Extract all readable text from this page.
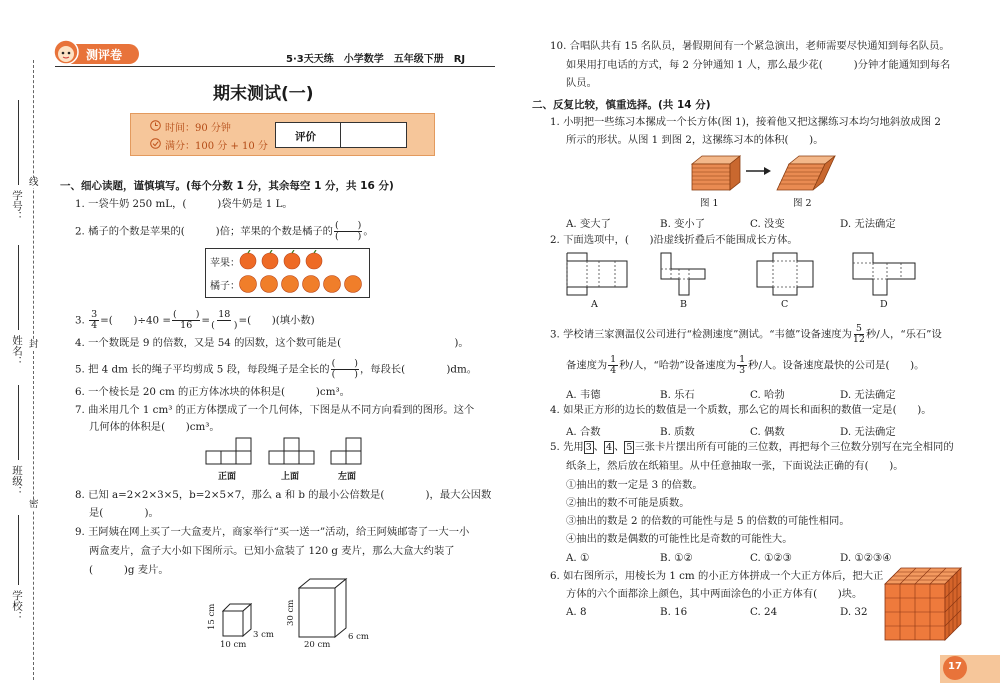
学号：
姓名：
班级：
学校：
线
封
密
测评卷	5·3天天练　小学数学　五年级下册　RJ
期末测试(一)
时间：90 分钟
满分：100 分 + 10 分
评价
一、细心读题，谨慎填写。(每个分数 1 分，其余每空 1 分，共 16 分)
1. 一袋牛奶 250 mL，(　　　)袋牛奶是 1 L。
2. 橘子的个数是苹果的(　　　)倍；苹果的个数是橘子的 $\frac{( )}{( )}$ 。
苹果：
橘子：
3. $\frac{3}{4}$ =(　　)$\div 40 = \frac{( )}{16} = \frac{18}{( )}$ =(　　)(填小数)
4. 一个数既是 9 的倍数，又是 54 的因数，这个数可能是(　　　　　　　　　　　)。
5. 把 4 dm 长的绳子平均剪成 5 段，每段绳子是全长的 $\frac{( )}{( )}$ ，每段长(　　　　)dm。
6. 一个棱长是 20 cm 的正方体冰块的体积是(　　　)cm³。
7. 曲米用几个 1 cm³ 的正方体摆成了一个几何体，下图是从不同方向看到的图形。这个
几何体的体积是(　　)cm³。
正面	上面	左面
8. 已知 a=2×2×3×5，b=2×5×7，那么 a 和 b 的最小公倍数是(　　　　)，最大公因数
是(　　　　)。
9. 王阿姨在网上买了一大盒麦片，商家举行“买一送一”活动，给王阿姨邮寄了一大一小
两盒麦片，盒子大小如下图所示。已知小盒装了 120 g 麦片，那么大盒大约装了
(　　　)g 麦片。
15 cm
3 cm
10 cm
30 cm
6 cm
20 cm
10. 合唱队共有 15 名队员，暑假期间有一个紧急演出，老师需要尽快通知到每名队员。
如果用打电话的方式，每 2 分钟通知 1 人，那么最少花(　　　)分钟才能通知到每名
队员。
二、反复比较，慎重选择。(共 14 分)
1. 小明把一些练习本摞成一个长方体(图 1)，接着他又把这摞练习本均匀地斜放成图 2
所示的形状。从图 1 到图 2，这摞练习本的体积(　　)。
图 1	图 2
A. 变大了	B. 变小了	C. 没变	D. 无法确定
2. 下面选项中，(　　)沿虚线折叠后不能围成长方体。
A	B	C	D
3. 学校请三家测温仪公司进行“检测速度”测试。“韦德”设备速度为 $\frac{5}{12}$ 秒/人，“乐石”设
备速度为 $\frac{1}{4}$ 秒/人，“哈勃”设备速度为 $\frac{1}{3}$ 秒/人。设备速度最快的公司是(　　)。
A. 韦德	B. 乐石	C. 哈勃	D. 无法确定
4. 如果正方形的边长的数值是一个质数，那么它的周长和面积的数值一定是(　　)。
A. 合数	B. 质数	C. 偶数	D. 无法确定
5. 先用 3 、 4 、 5 三张卡片摆出所有可能的三位数，再把每个三位数分别写在完全相同的
纸条上，然后放在纸箱里。从中任意抽取一张，下面说法正确的有(　　)。
①抽出的数一定是 3 的倍数。
②抽出的数不可能是质数。
③抽出的数是 2 的倍数的可能性与是 5 的倍数的可能性相同。
④抽出的数是偶数的可能性比是奇数的可能性大。
A. ①	B. ①②	C. ①②③	D. ①②③④
6. 如右图所示，用棱长为 1 cm 的小正方体拼成一个大正方体后，把大正
方体的六个面都涂上颜色，其中两面涂色的小正方体有(　　)块。
A. 8	B. 16	C. 24	D. 32
17
